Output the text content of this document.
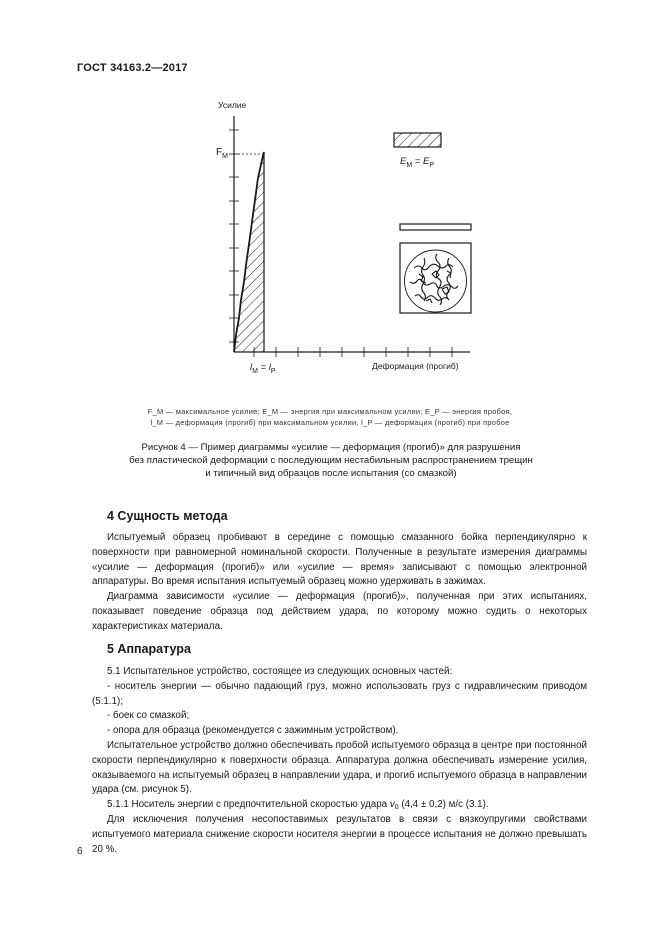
ГОСТ 34163.2—2017
Усилие
$F_M$
Деформация (прогиб)
$l_M = l_P$
$E_M = E_P$
F_M — максимальное усилие; E_M — энергия при максимальном усилии; E_P — энергия пробоя,
l_M — деформация (прогиб) при максимальном усилии, l_P — деформация (прогиб) при пробое
Рисунок 4 — Пример диаграммы «усилие — деформация (прогиб)» для разрушения
без пластической деформации с последующим нестабильным распространением трещин
и типичный вид образцов после испытания (со смазкой)
4 Сущность метода

Испытуемый образец пробивают в середине с помощью смазанного бойка перпендикулярно к поверхности при равномерной номинальной скорости. Полученные в результате измерения диаграммы «усилие — деформация (прогиб)» или «усилие — время» записывают с помощью электронной аппаратуры. Во время испытания испытуемый образец можно удерживать в зажимах.

Диаграмма зависимости «усилие — деформация (прогиб)», полученная при этих испытаниях, показывает поведение образца под действием удара, по которому можно судить о некоторых характеристиках материала.

5 Аппаратура

5.1 Испытательное устройство, состоящее из следующих основных частей:

- носитель энергии — обычно падающий груз, можно использовать груз с гидравлическим приводом (5.1.1);

- боек со смазкой;

- опора для образца (рекомендуется с зажимным устройством).

Испытательное устройство должно обеспечивать пробой испытуемого образца в центре при постоянной скорости перпендикулярно к поверхности образца. Аппаратура должна обеспечивать измерение усилия, оказываемого на испытуемый образец в направлении удара, и прогиб испытуемого образца в направлении удара (см. рисунок 5).

5.1.1 Носитель энергии с предпочтительной скоростью удара $v_0$ (4,4 ± 0,2) м/с (3.1).

Для исключения получения несопоставимых результатов в связи с вязкоупругими свойствами испытуемого материала снижение скорости носителя энергии в процессе испытания не должно превышать 20 %.

6
